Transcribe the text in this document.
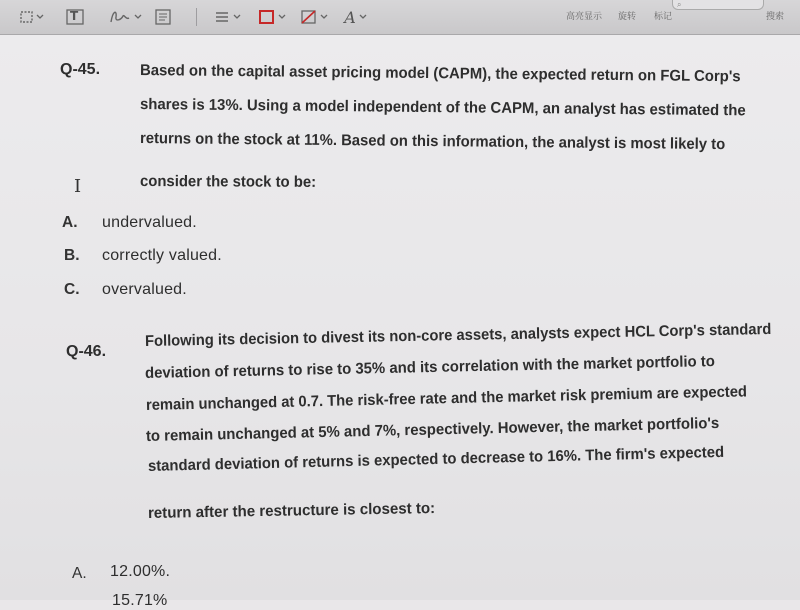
T	A
⌕
高亮显示 旋转 标记	搜索
Q-45.	Based on the capital asset pricing model (CAPM), the expected return on FGL Corp's
shares is 13%. Using a model independent of the CAPM, an analyst has estimated the
returns on the stock at 11%. Based on this information, the analyst is most likely to
consider the stock to be:
A.
I
undervalued.
B. correctly valued.
C. overvalued.
Q-46.
Following its decision to divest its non-core assets, analysts expect HCL Corp's standard
deviation of returns to rise to 35% and its correlation with the market portfolio to
remain unchanged at 0.7. The risk-free rate and the market risk premium are expected
to remain unchanged at 5% and 7%, respectively. However, the market portfolio's
standard deviation of returns is expected to decrease to 16%. The firm's expected
return after the restructure is closest to:
A. 12.00%.
15.71%
